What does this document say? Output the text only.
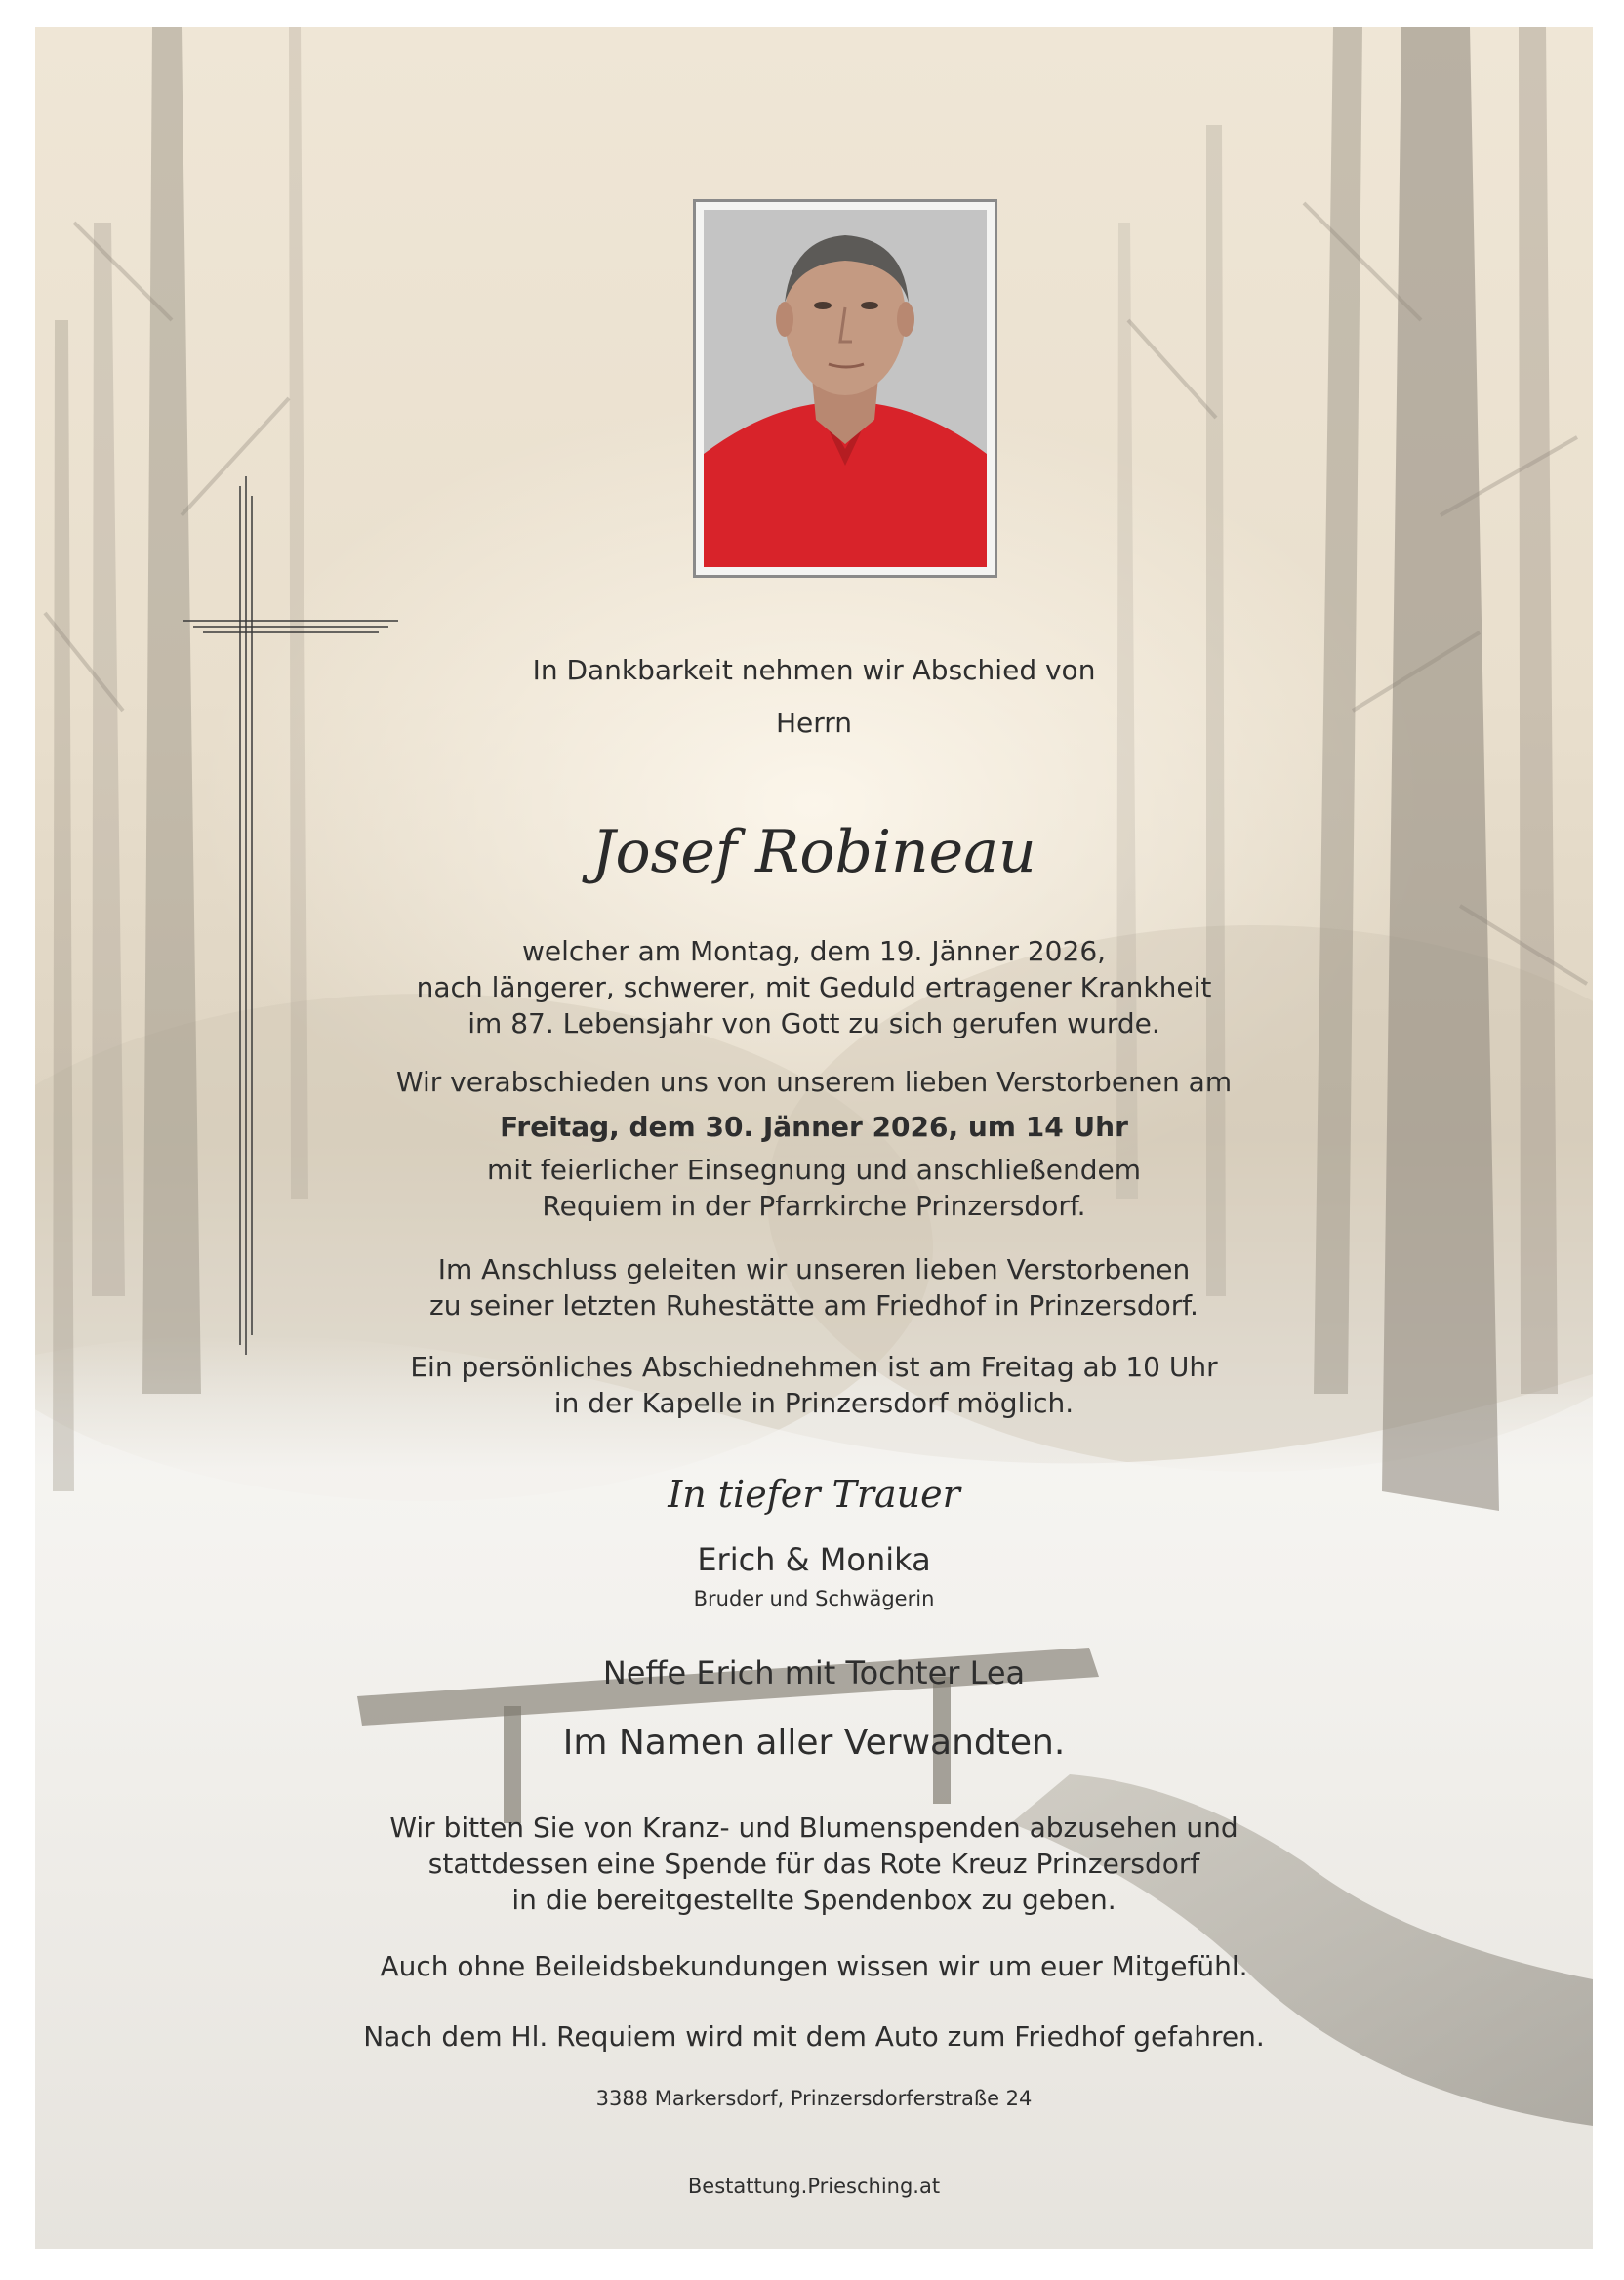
In Dankbarkeit nehmen wir Abschied von
Herrn
Josef Robineau
welcher am Montag, dem 19. Jänner 2026,
nach längerer, schwerer, mit Geduld ertragener Krankheit
im 87. Lebensjahr von Gott zu sich gerufen wurde.
Wir verabschieden uns von unserem lieben Verstorbenen am
Freitag, dem 30. Jänner 2026, um 14 Uhr
mit feierlicher Einsegnung und anschließendem
Requiem in der Pfarrkirche Prinzersdorf.
Im Anschluss geleiten wir unseren lieben Verstorbenen
zu seiner letzten Ruhestätte am Friedhof in Prinzersdorf.
Ein persönliches Abschiednehmen ist am Freitag ab 10 Uhr
in der Kapelle in Prinzersdorf möglich.
In tiefer Trauer
Erich & Monika
Bruder und Schwägerin
Neffe Erich mit Tochter Lea
Im Namen aller Verwandten.
Wir bitten Sie von Kranz- und Blumenspenden abzusehen und
stattdessen eine Spende für das Rote Kreuz Prinzersdorf
in die bereitgestellte Spendenbox zu geben.
Auch ohne Beileidsbekundungen wissen wir um euer Mitgefühl.
Nach dem Hl. Requiem wird mit dem Auto zum Friedhof gefahren.
3388 Markersdorf, Prinzersdorferstraße 24
Bestattung.Priesching.at
